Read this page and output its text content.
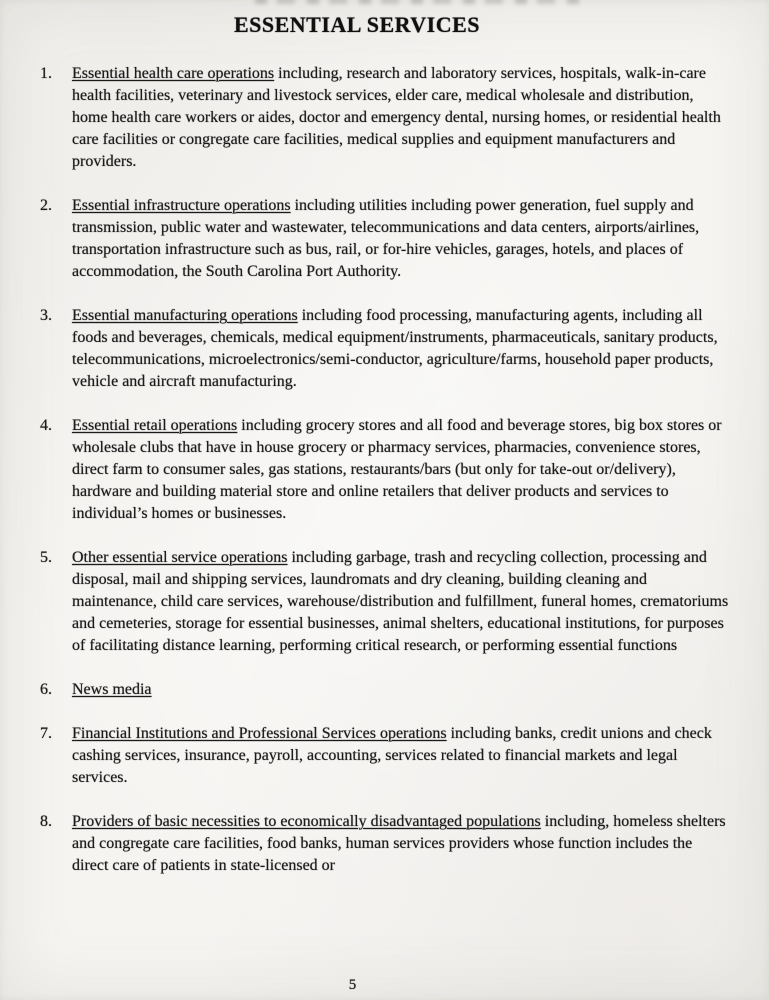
ESSENTIAL SERVICES
1.	Essential health care operations including, research and laboratory services, hospitals, walk-in-care health facilities, veterinary and livestock services, elder care, medical wholesale and distribution, home health care workers or aides, doctor and emergency dental, nursing homes, or residential health care facilities or congregate care facilities, medical supplies and equipment manufacturers and providers.
2.	Essential infrastructure operations including utilities including power generation, fuel supply and transmission, public water and wastewater, telecommunications and data centers, airports/airlines, transportation infrastructure such as bus, rail, or for-hire vehicles, garages, hotels, and places of accommodation, the South Carolina Port Authority.
3.	Essential manufacturing operations including food processing, manufacturing agents, including all foods and beverages, chemicals, medical equipment/instruments, pharmaceuticals, sanitary products, telecommunications, microelectronics/semi-conductor, agriculture/farms, household paper products, vehicle and aircraft manufacturing.
4.	Essential retail operations including grocery stores and all food and beverage stores, big box stores or wholesale clubs that have in house grocery or pharmacy services, pharmacies, convenience stores, direct farm to consumer sales, gas stations, restaurants/bars (but only for take-out or/delivery), hardware and building material store and online retailers that deliver products and services to individual’s homes or businesses.
5.	Other essential service operations including garbage, trash and recycling collection, processing and disposal, mail and shipping services, laundromats and dry cleaning, building cleaning and maintenance, child care services, warehouse/distribution and fulfillment, funeral homes, crematoriums and cemeteries, storage for essential businesses, animal shelters, educational institutions, for purposes of facilitating distance learning, performing critical research, or performing essential functions
6.	News media
7.	Financial Institutions and Professional Services operations including banks, credit unions and check cashing services, insurance, payroll, accounting, services related to financial markets and legal services.
8.	Providers of basic necessities to economically disadvantaged populations including, homeless shelters and congregate care facilities, food banks, human services providers whose function includes the direct care of patients in state-licensed or
5
